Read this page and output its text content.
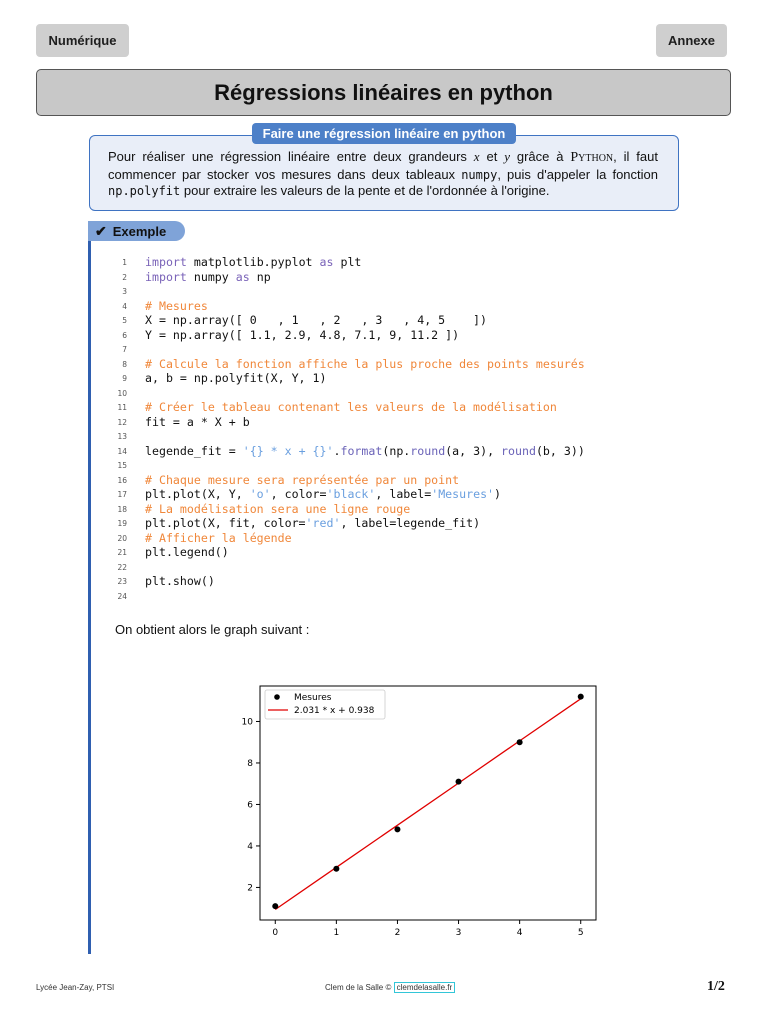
Numérique	Annexe
Régressions linéaires en python
Faire une régression linéaire en python
Pour réaliser une régression linéaire entre deux grandeurs x et y grâce à Python, il faut commencer par stocker vos mesures dans deux tableaux numpy, puis d'appeler la fonction np.polyfit pour extraire les valeurs de la pente et de l'ordonnée à l'origine.
✔ Exemple
1 import matplotlib.pyplot as plt
2 import numpy as np
3
4 # Mesures
5 X = np.array([ 0   , 1   , 2   , 3   , 4, 5    ])
6 Y = np.array([ 1.1, 2.9, 4.8, 7.1, 9, 11.2 ])
7
8 # Calcule la fonction affiche la plus proche des points mesurés
9 a, b = np.polyfit(X, Y, 1)
10
11 # Créer le tableau contenant les valeurs de la modélisation
12 fit = a * X + b
13
14 legende_fit = '{} * x + {}'.format(np.round(a, 3), round(b, 3))
15
16 # Chaque mesure sera représentée par un point
17 plt.plot(X, Y, 'o', color='black', label='Mesures')
18 # La modélisation sera une ligne rouge
19 plt.plot(X, fit, color='red', label=legende_fit)
20 # Afficher la légende
21 plt.legend()
22
23 plt.show()
24
On obtient alors le graph suivant :
0	1	2	3	4	5
2
4
6
8
10
Mesures
2.031 * x + 0.938
Lycée Jean-Zay, PTSI	Clem de la Salle © clemdelasalle.fr	1/2
